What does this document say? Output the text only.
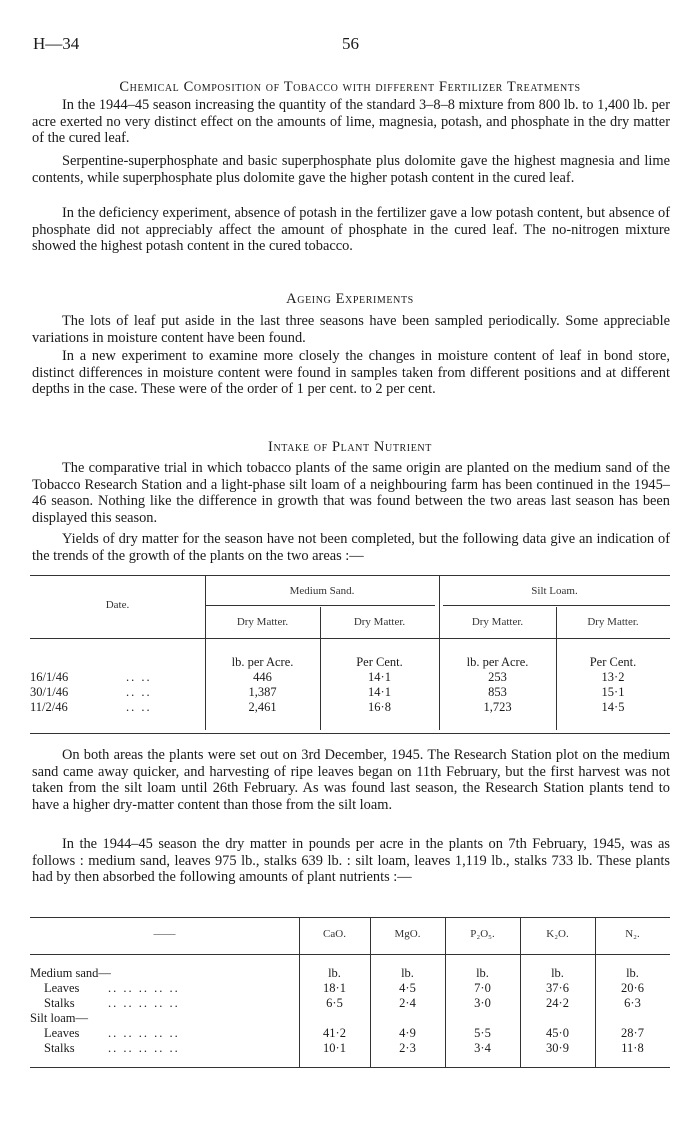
H—34	56
Chemical Composition of Tobacco with different Fertilizer Treatments

In the 1944–45 season increasing the quantity of the standard 3–8–8 mixture from 800 lb. to 1,400 lb. per acre exerted no very distinct effect on the amounts of lime, magnesia, potash, and phosphate in the dry matter of the cured leaf.

Serpentine-superphosphate and basic superphosphate plus dolomite gave the highest magnesia and lime contents, while superphosphate plus dolomite gave the higher potash content in the cured leaf.

In the deficiency experiment, absence of potash in the fertilizer gave a low potash content, but absence of phosphate did not appreciably affect the amount of phosphate in the cured leaf. The no-nitrogen mixture showed the highest potash content in the cured tobacco.

Ageing Experiments

The lots of leaf put aside in the last three seasons have been sampled periodically. Some appreciable variations in moisture content have been found.

In a new experiment to examine more closely the changes in moisture content of leaf in bond store, distinct differences in moisture content were found in samples taken from different positions and at different depths in the case. These were of the order of 1 per cent. to 2 per cent.

Intake of Plant Nutrient

The comparative trial in which tobacco plants of the same origin are planted on the medium sand of the Tobacco Research Station and a light-phase silt loam of a neighbouring farm has been continued in the 1945–46 season. Nothing like the difference in growth that was found between the two areas last season has been displayed this season.

Yields of dry matter for the season have not been completed, but the following data give an indication of the trends of the growth of the plants on the two areas :—

Date.
Medium Sand.	Silt Loam.
Dry Matter.	Dry Matter.	Dry Matter.	Dry Matter.
lb. per Acre.	Per Cent.	lb. per Acre.	Per Cent.
16/1/46	.. ..	446	14·1	253	13·2
30/1/46	.. ..	1,387	14·1	853	15·1
11/2/46	.. ..	2,461	16·8	1,723	14·5

On both areas the plants were set out on 3rd December, 1945. The Research Station plot on the medium sand came away quicker, and harvesting of ripe leaves began on 11th February, but the first harvest was not taken from the silt loam until 26th February. As was found last season, the Research Station plants tend to have a higher dry-matter content than those from the silt loam.

In the 1944–45 season the dry matter in pounds per acre in the plants on 7th February, 1945, was as follows : medium sand, leaves 975 lb., stalks 639 lb. : silt loam, leaves 1,119 lb., stalks 733 lb. These plants had by then absorbed the following amounts of plant nutrients :—

——	CaO.	MgO.	P₂O₅.	K₂O.	N₂.
Medium sand—	lb.	lb.	lb.	lb.	lb.
Leaves .. .. .. .. ..	18·1	4·5	7·0	37·6	20·6
Stalks	.. .. .. .. ..	6·5	2·4	3·0	24·2	6·3
Silt loam—
Leaves .. .. .. .. ..	41·2	4·9	5·5	45·0	28·7
Stalks	.. .. .. .. ..	10·1	2·3	3·4	30·9	11·8
